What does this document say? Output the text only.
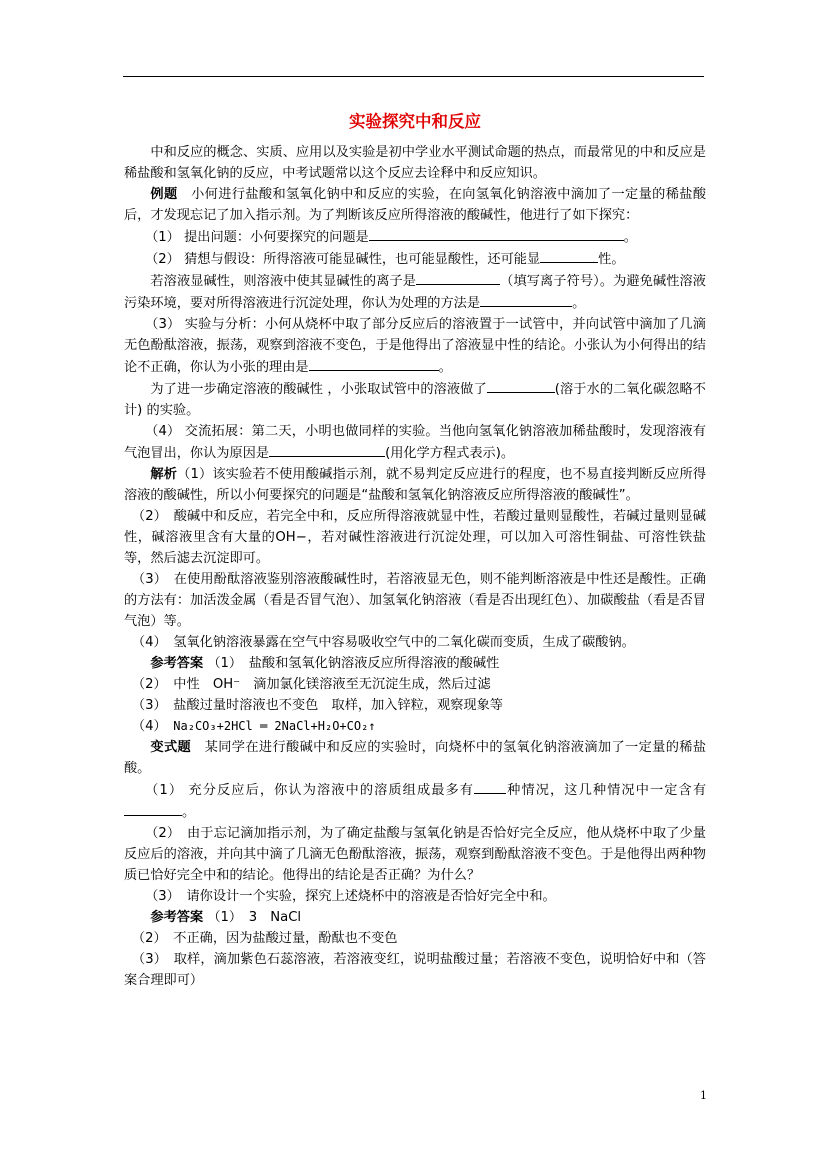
实验探究中和反应

中和反应的概念、实质、应用以及实验是初中学业水平测试命题的热点，而最常见的中和反应是稀盐酸和氢氧化钠的反应，中考试题常以这个反应去诠释中和反应知识。

例题　 小何进行盐酸和氢氧化钠中和反应的实验，在向氢氧化钠溶液中滴加了一定量的稀盐酸后，才发现忘记了加入指示剂。为了判断该反应所得溶液的酸碱性，他进行了如下探究：

（1） 提出问题：小何要探究的问题是	。

（2） 猜想与假设：所得溶液可能显碱性，也可能显酸性，还可能显	性。

若溶液显碱性，则溶液中使其显碱性的离子是	（填写离子符号）。为避免碱性溶液污染环境，要对所得溶液进行沉淀处理，你认为处理的方法是	。

（3） 实验与分析：小何从烧杯中取了部分反应后的溶液置于一试管中，并向试管中滴加了几滴无色酚酞溶液，振荡，观察到溶液不变色，于是他得出了溶液显中性的结论。小张认为小何得出的结论不正确，你认为小张的理由是	。

为了进一步确定溶液的酸碱性 ，小张取试管中的溶液做了	(溶于水的二氧化碳忽略不计) 的实验。

（4） 交流拓展：第二天，小明也做同样的实验。当他向氢氧化钠溶液加稀盐酸时，发现溶液有气泡冒出，你认为原因是	(用化学方程式表示)。

解析（1）该实验若不使用酸碱指示剂，就不易判定反应进行的程度，也不易直接判断反应所得溶液的酸碱性，所以小何要探究的问题是“盐酸和氢氧化钠溶液反应所得溶液的酸碱性”。

（2）　酸碱中和反应，若完全中和，反应所得溶液就显中性，若酸过量则显酸性，若碱过量则显碱性，碱溶液里含有大量的OH−，若对碱性溶液进行沉淀处理，可以加入可溶性铜盐、可溶性铁盐等，然后滤去沉淀即可。

（3）　在使用酚酞溶液鉴别溶液酸碱性时，若溶液显无色，则不能判断溶液是中性还是酸性。正确的方法有：加活泼金属（看是否冒气泡）、加氢氧化钠溶液（看是否出现红色）、加碳酸盐（看是否冒气泡）等。

（4）　氢氧化钠溶液暴露在空气中容易吸收空气中的二氧化碳而变质，生成了碳酸钠。

参考答案 （1）　盐酸和氢氧化钠溶液反应所得溶液的酸碱性

（2）　中性　OH⁻　滴加氯化镁溶液至无沉淀生成，然后过滤

（3）　盐酸过量时溶液也不变色　取样，加入锌粒，观察现象等

（4）　 Na₂CO₃+2HCl ═ 2NaCl+H₂O+CO₂↑

变式题　 某同学在进行酸碱中和反应的实验时，向烧杯中的氢氧化钠溶液滴加了一定量的稀盐酸。

（1） 充分反应后，你认为溶液中的溶质组成最多有 种情况，这几种情况中一定含有。

（2）　由于忘记滴加指示剂，为了确定盐酸与氢氧化钠是否恰好完全反应，他从烧杯中取了少量反应后的溶液，并向其中滴了几滴无色酚酞溶液，振荡，观察到酚酞溶液不变色。于是他得出两种物质已恰好完全中和的结论。他得出的结论是否正确？为什么？

（3）　请你设计一个实验，探究上述烧杯中的溶液是否恰好完全中和。

参考答案 （1）　3　NaCl

（2）　不正确，因为盐酸过量，酚酞也不变色

（3）　取样，滴加紫色石蕊溶液，若溶液变红，说明盐酸过量；若溶液不变色，说明恰好中和（答案合理即可）

1
